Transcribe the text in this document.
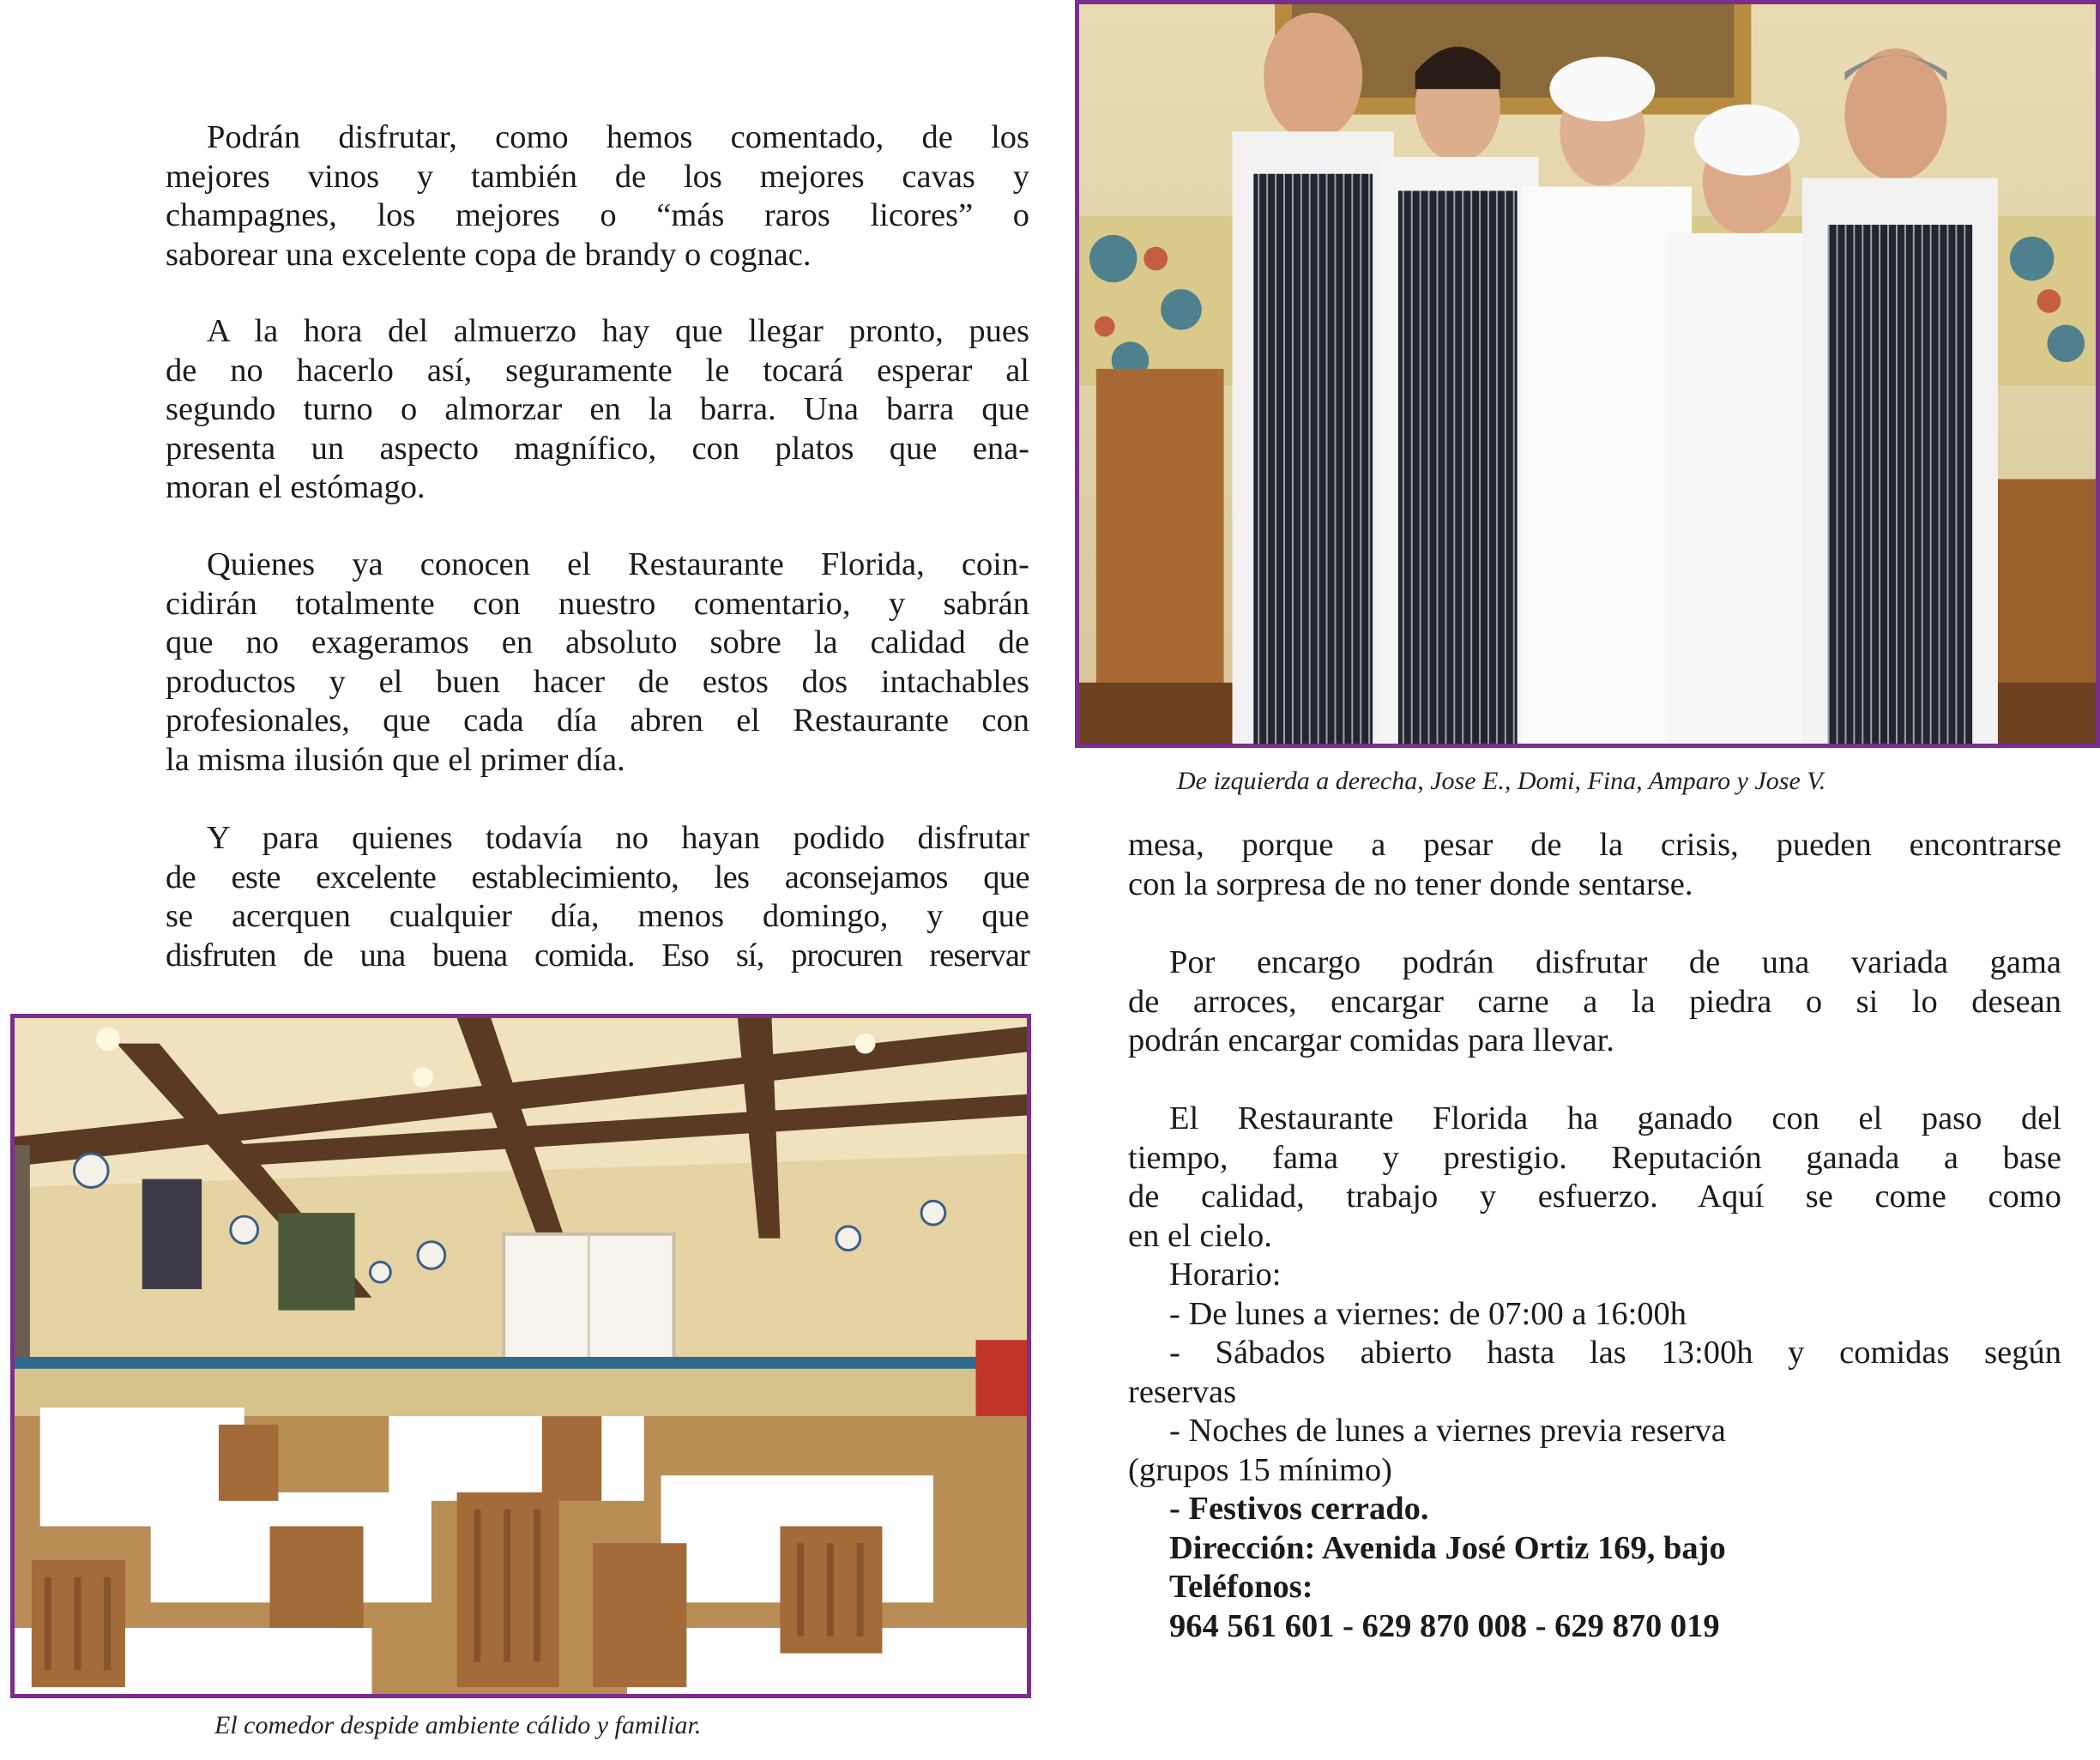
Podrán disfrutar, como hemos comentado, de los
mejores vinos y también de los mejores cavas y
champagnes, los mejores o “más raros licores” o
saborear una excelente copa de brandy o cognac.
A la hora del almuerzo hay que llegar pronto, pues
de no hacerlo así, seguramente le tocará esperar al
segundo turno o almorzar en la barra. Una barra que
presenta un aspecto magnífico, con platos que ena-
moran el estómago.
Quienes ya conocen el Restaurante Florida, coin-
cidirán totalmente con nuestro comentario, y sabrán
que no exageramos en absoluto sobre la calidad de
productos y el buen hacer de estos dos intachables
profesionales, que cada día abren el Restaurante con
la misma ilusión que el primer día.
Y para quienes todavía no hayan podido disfrutar
de este excelente establecimiento, les aconsejamos que
se acerquen cualquier día, menos domingo, y que
disfruten de una buena comida. Eso sí, procuren reservar

De izquierda a derecha, Jose E., Domi, Fina, Amparo y Jose V.

mesa, porque a pesar de la crisis, pueden encontrarse
con la sorpresa de no tener donde sentarse.
Por encargo podrán disfrutar de una variada gama
de arroces, encargar carne a la piedra o si lo desean
podrán encargar comidas para llevar.
El Restaurante Florida ha ganado con el paso del
tiempo, fama y prestigio. Reputación ganada a base
de calidad, trabajo y esfuerzo. Aquí se come como
en el cielo.
Horario:
- De lunes a viernes: de 07:00 a 16:00h
- Sábados abierto hasta las 13:00h y comidas según
reservas
- Noches de lunes a viernes previa reserva
(grupos 15 mínimo)
- Festivos cerrado.
Dirección: Avenida José Ortiz 169, bajo
Teléfonos:
964 561 601 - 629 870 008 - 629 870 019

El comedor despide ambiente cálido y familiar.
